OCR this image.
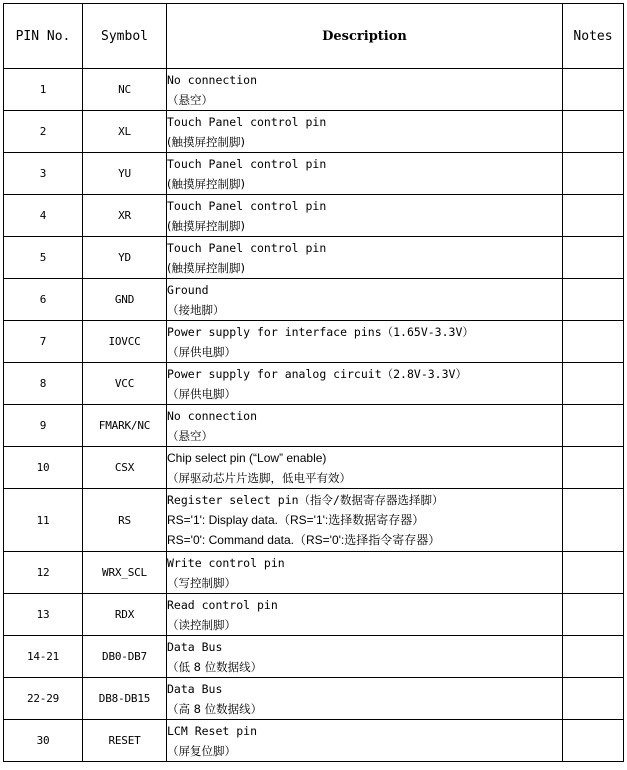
PIN No.	Symbol	Description	Notes
1	NC	No connection
（悬空）	

2	XL	Touch Panel control pin
(触摸屏控制脚)	

3	YU	Touch Panel control pin
(触摸屏控制脚)	

4	XR	Touch Panel control pin
(触摸屏控制脚)	

5	YD	Touch Panel control pin
(触摸屏控制脚)	

6	GND	Ground
（接地脚）	

7	IOVCC	Power supply for interface pins（1.65V-3.3V）
（屏供电脚）	

8	VCC	Power supply for analog circuit（2.8V-3.3V）
（屏供电脚）	

9	FMARK/NC	No connection
（悬空）	

10	CSX	Chip select pin (“Low” enable)
（屏驱动芯片片选脚，低电平有效）	

11	RS	Register select pin（指令/数据寄存器选择脚）
RS='1': Display data.（RS='1':选择数据寄存器）
RS='0': Command data.（RS='0':选择指令寄存器）	

12	WRX_SCL	Write control pin
（写控制脚）	

13	RDX	Read control pin
（读控制脚）	

14-21	DB0-DB7	Data Bus
（低 8 位数据线）	

22-29	DB8-DB15	Data Bus
（高 8 位数据线）	

30	RESET	LCM Reset pin
（屏复位脚）	
